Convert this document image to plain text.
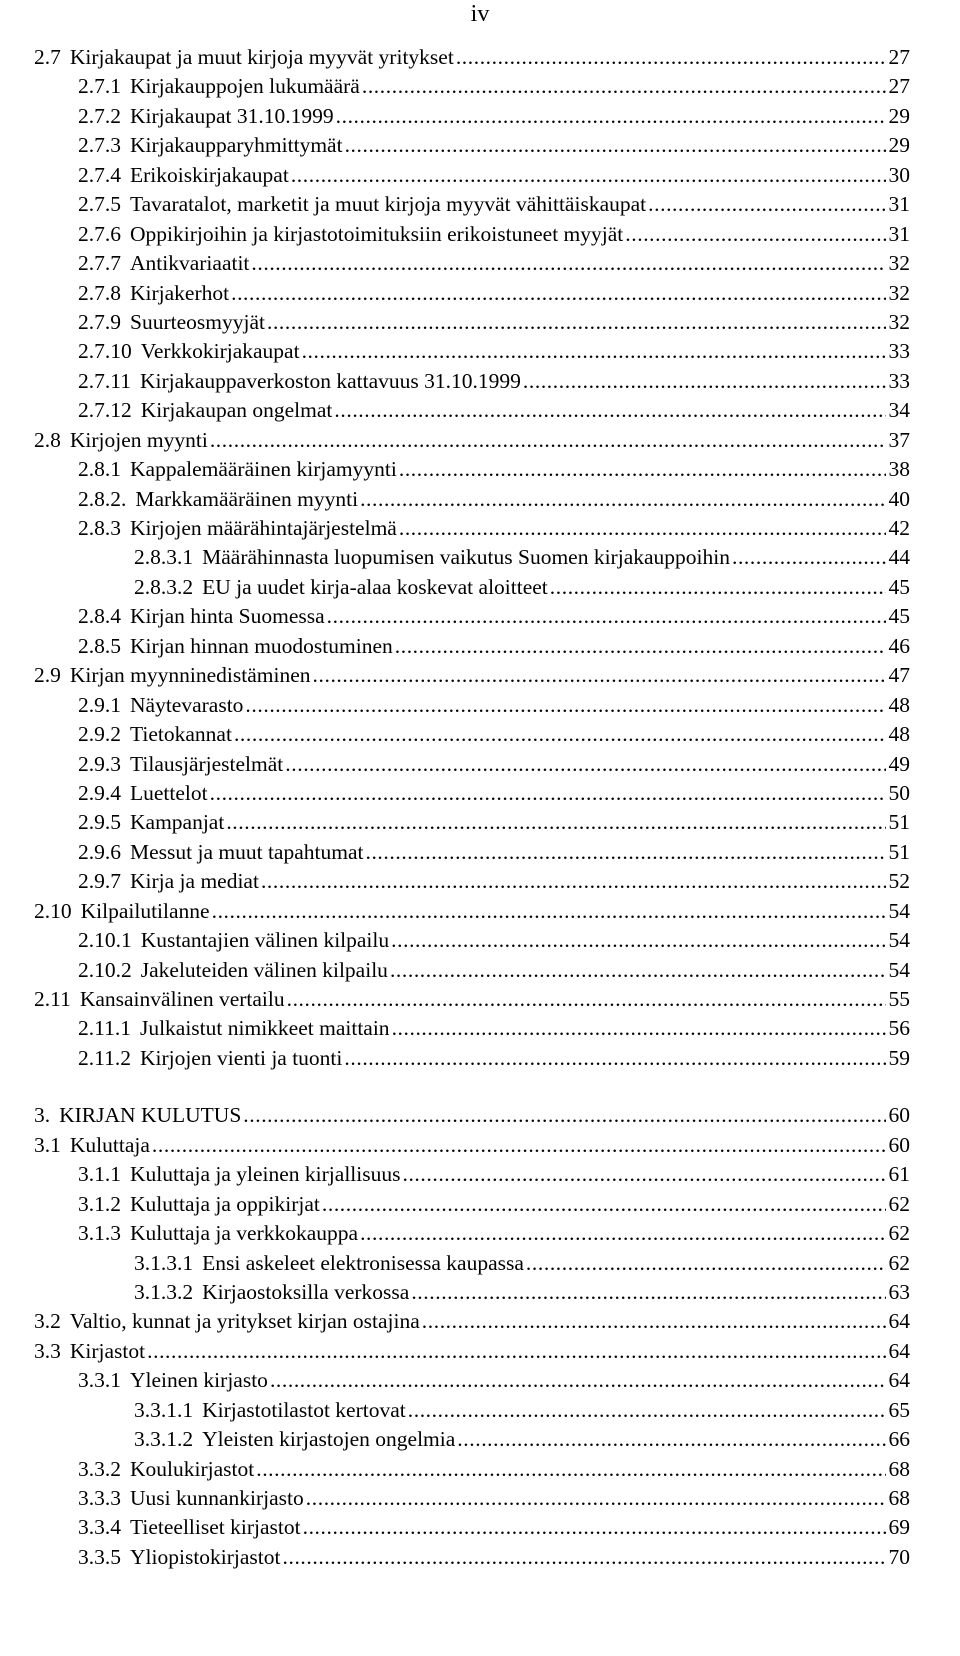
iv
2.7 Kirjakaupat ja muut kirjoja myyvät yritykset .....	27
2.7.1 Kirjakauppojen lukumäärä .....	27
2.7.2 Kirjakaupat 31.10.1999 .....	29
2.7.3 Kirjakaupparyhmittymät .....	29
2.7.4 Erikoiskirjakaupat .....	30
2.7.5 Tavaratalot, marketit ja muut kirjoja myyvät vähittäiskaupat .....	31
2.7.6 Oppikirjoihin ja kirjastotoimituksiin erikoistuneet myyjät .....	31
2.7.7 Antikvariaatit .....	32
2.7.8 Kirjakerhot .....	32
2.7.9 Suurteosmyyjät .....	32
2.7.10 Verkkokirjakaupat .....	33
2.7.11 Kirjakauppaverkoston kattavuus 31.10.1999 .....	33
2.7.12 Kirjakaupan ongelmat .....	34
2.8 Kirjojen myynti .....	37
2.8.1 Kappalemääräinen kirjamyynti .....	38
2.8.2. Markkamääräinen myynti .....	40
2.8.3 Kirjojen määrähintajärjestelmä .....	42
2.8.3.1 Määrähinnasta luopumisen vaikutus Suomen kirjakauppoihin .....	44
2.8.3.2 EU ja uudet kirja-alaa koskevat aloitteet .....	45
2.8.4 Kirjan hinta Suomessa .....	45
2.8.5 Kirjan hinnan muodostuminen .....	46
2.9 Kirjan myynninedistäminen .....	47
2.9.1 Näytevarasto .....	48
2.9.2 Tietokannat .....	48
2.9.3 Tilausjärjestelmät .....	49
2.9.4 Luettelot .....	50
2.9.5 Kampanjat .....	51
2.9.6 Messut ja muut tapahtumat .....	51
2.9.7 Kirja ja mediat .....	52
2.10 Kilpailutilanne .....	54
2.10.1 Kustantajien välinen kilpailu .....	54
2.10.2 Jakeluteiden välinen kilpailu .....	54
2.11 Kansainvälinen vertailu .....	55
2.11.1 Julkaistut nimikkeet maittain .....	56
2.11.2 Kirjojen vienti ja tuonti .....	59
3. KIRJAN KULUTUS .....	60
3.1 Kuluttaja .....	60
3.1.1 Kuluttaja ja yleinen kirjallisuus .....	61
3.1.2 Kuluttaja ja oppikirjat .....	62
3.1.3 Kuluttaja ja verkkokauppa .....	62
3.1.3.1 Ensi askeleet elektronisessa kaupassa .....	62
3.1.3.2 Kirjaostoksilla verkossa .....	63
3.2 Valtio, kunnat ja yritykset kirjan ostajina .....	64
3.3 Kirjastot .....	64
3.3.1 Yleinen kirjasto .....	64
3.3.1.1 Kirjastotilastot kertovat .....	65
3.3.1.2 Yleisten kirjastojen ongelmia .....	66
3.3.2 Koulukirjastot .....	68
3.3.3 Uusi kunnankirjasto .....	68
3.3.4 Tieteelliset kirjastot .....	69
3.3.5 Yliopistokirjastot .....	70
